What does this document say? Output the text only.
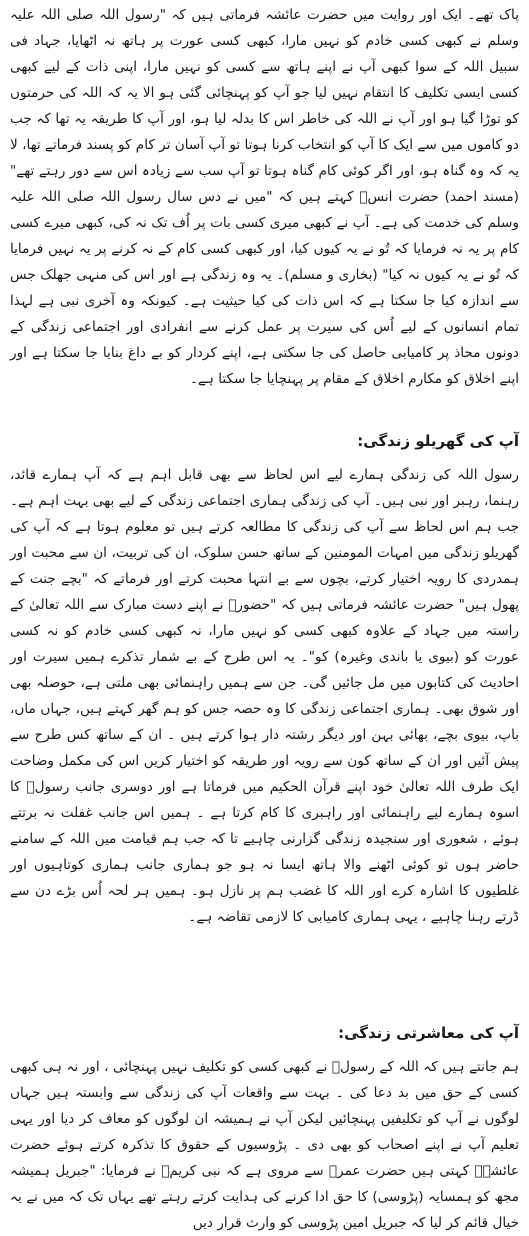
پاک تھے۔ ایک اور روایت میں حضرت عائشہ فرماتی ہیں کہ "رسول اللہ صلی اللہ علیہ وسلم نے کبھی کسی خادم کو نہیں مارا، کبھی کسی عورت پر ہاتھ نہ اٹھایا، جہاد فی سبیل اللہ کے سوا کبھی آپ نے اپنے ہاتھ سے کسی کو نہیں مارا، اپنی ذات کے لیے کبھی کسی ایسی تکلیف کا انتقام نہیں لیا جو آپ کو پہنچائی گئی ہو الا یہ کہ اللہ کی حرمتوں کو توڑا گیا ہو اور آپ نے اللہ کی خاطر اس کا بدلہ لیا ہو، اور آپ کا طریقہ یہ تھا کہ جب دو کاموں میں سے ایک کا آپ کو انتخاب کرنا ہوتا تو آپ آسان تر کام کو پسند فرماتے تھا، لا یہ کہ وہ گناہ ہو، اور اگر کوئی کام گناہ ہوتا تو آپ سب سے زیادہ اس سے دور رہتے تھے" (مسند احمد) حضرت انسؓ کہتے ہیں کہ "میں نے دس سال رسول اللہ صلی اللہ علیہ وسلم کی خدمت کی ہے۔ آپ نے کبھی میری کسی بات پر اُف تک نہ کی، کبھی میرے کسی کام پر یہ نہ فرمایا کہ تُو نے یہ کیوں کیا، اور کبھی کسی کام کے نہ کرنے پر یہ نہیں فرمایا کہ تُو نے یہ کیوں نہ کیا" (بخاری و مسلم)۔ یہ وہ زندگی ہے اور اس کی منہی جھلک جس سے اندازہ کیا جا سکتا ہے کہ اس ذات کی کیا حیثیت ہے۔ کیونکہ وہ آخری نبی ہے لہذا تمام انسانوں کے لیے اُس کی سیرت پر عمل کرنے سے انفرادی اور اجتماعی زندگی کے دونوں محاذ پر کامیابی حاصل کی جا سکتی ہے، اپنے کردار کو بے داغ بنایا جا سکتا ہے اور اپنے اخلاق کو مکارم اخلاق کے مقام پر پہنچایا جا سکتا ہے۔

آپ کی گھریلو زندگی:

رسول اللہ کی زندگی ہمارے لیے اس لحاظ سے بھی قابل اہم ہے کہ آپ ہمارے قائد، رہنما، رہبر اور نبی ہیں۔ آپ کی زندگی ہماری اجتماعی زندگی کے لیے بھی بہت اہم ہے۔ جب ہم اس لحاظ سے آپ کی زندگی کا مطالعہ کرتے ہیں تو معلوم ہوتا ہے کہ آپ کی گھریلو زندگی میں امہات المومنین کے ساتھ حسن سلوک، ان کی تربیت، ان سے محبت اور ہمدردی کا رویہ اختیار کرتے، بچوں سے بے انتہا محبت کرتے اور فرماتے کہ "بچے جنت کے پھول ہیں" حضرت عائشہ فرماتی ہیں کہ "حضورؐ نے اپنے دست مبارک سے اللہ تعالیٰ کے راستہ میں جہاد کے علاوہ کبھی کسی کو نہیں مارا، نہ کبھی کسی خادم کو نہ کسی عورت کو (بیوی یا باندی وغیرہ) کو"۔ یہ اس طرح کے بے شمار تذکرے ہمیں سیرت اور احادیث کی کتابوں میں مل جائیں گی۔ جن سے ہمیں راہنمائی بھی ملتی ہے، حوصلہ بھی اور شوق بھی۔ ہماری اجتماعی زندگی کا وہ حصہ جس کو ہم گھر کہتے ہیں، جہاں ماں، باپ، بیوی بچے، بھائی بہن اور دیگر رشتہ دار ہوا کرتے ہیں ۔ ان کے ساتھ کس طرح سے پیش آئیں اور ان کے ساتھ کون سے رویہ اور طریقہ کو اختیار کریں اس کی مکمل وضاحت ایک طرف اللہ تعالیٰ خود اپنے قرآن الحکیم میں فرماتا ہے اور دوسری جانب رسولؐ کا اسوہ ہمارے لیے راہنمائی اور راہبری کا کام کرتا ہے ۔ ہمیں اس جانب غفلت نہ برتتے ہوئے ، شعوری اور سنجیدہ زندگی گزارنی چاہیے تا کہ جب ہم قیامت میں اللہ کے سامنے حاضر ہوں تو کوئی اٹھنے والا ہاتھ ایسا نہ ہو جو ہماری جانب ہماری کوتاہیوں اور غلطیوں کا اشارہ کرے اور اللہ کا غضب ہم پر نازل ہو۔ ہمیں ہر لحہ اُس بڑے دن سے ڈرتے رہنا چاہیے ، یہی ہماری کامیابی کا لازمی تقاضہ ہے۔

آپ کی معاشرتی زندگی:

ہم جانتے ہیں کہ اللہ کے رسولؐ نے کبھی کسی کو تکلیف نہیں پہنچائی ، اور نہ ہی کبھی کسی کے حق میں بد دعا کی ۔ بہت سے واقعات آپ کی زندگی سے وابستہ ہیں جہاں لوگوں نے آپ کو تکلیفیں پہنچائیں لیکن آپ نے ہمیشہ ان لوگوں کو معاف کر دیا اور یہی تعلیم آپ نے اپنے اصحاب کو بھی دی ۔ پڑوسیوں کے حقوق کا تذکرہ کرتے ہوئے حضرت عائشہؓ کہتی ہیں حضرت عمرؓ سے مروی ہے کہ نبی کریمؐ نے فرمایا: "جبریل ہمیشہ مجھ کو ہمسایہ (پڑوسی) کا حق ادا کرنے کی ہدایت کرتے رہتے تھے یہاں تک کہ میں نے یہ خیال قائم کر لیا کہ جبریل امین پڑوسی کو وارث قرار دیں
